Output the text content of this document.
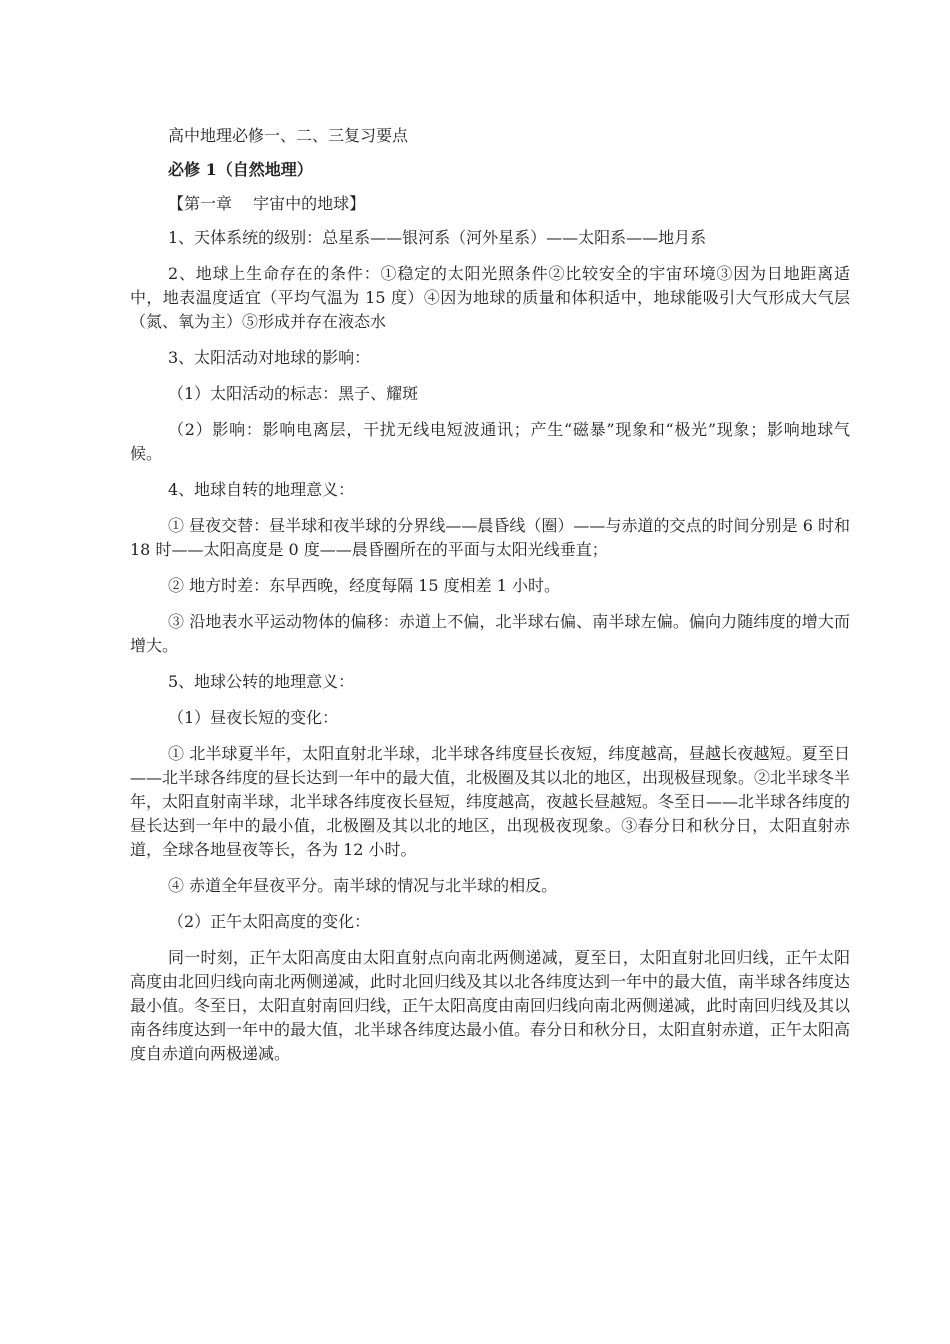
高中地理必修一、二、三复习要点

必修 1（自然地理）

【第一章　 宇宙中的地球】

1、天体系统的级别：总星系——银河系（河外星系）——太阳系——地月系

2、地球上生命存在的条件：①稳定的太阳光照条件②比较安全的宇宙环境③因为日地距离适中，地表温度适宜（平均气温为 15 度）④因为地球的质量和体积适中，地球能吸引大气形成大气层（氮、氧为主）⑤形成并存在液态水

3、太阳活动对地球的影响：

（1）太阳活动的标志：黑子、耀斑

（2）影响：影响电离层，干扰无线电短波通讯；产生“磁暴”现象和“极光”现象；影响地球气候。

4、地球自转的地理意义：

① 昼夜交替：昼半球和夜半球的分界线——晨昏线（圈）——与赤道的交点的时间分别是 6 时和 18 时——太阳高度是 0 度——晨昏圈所在的平面与太阳光线垂直；

② 地方时差：东早西晚，经度每隔 15 度相差 1 小时。

③ 沿地表水平运动物体的偏移：赤道上不偏，北半球右偏、南半球左偏。偏向力随纬度的增大而增大。

5、地球公转的地理意义：

（1）昼夜长短的变化：

① 北半球夏半年，太阳直射北半球，北半球各纬度昼长夜短，纬度越高，昼越长夜越短。夏至日——北半球各纬度的昼长达到一年中的最大值，北极圈及其以北的地区，出现极昼现象。②北半球冬半年，太阳直射南半球，北半球各纬度夜长昼短，纬度越高，夜越长昼越短。冬至日——北半球各纬度的昼长达到一年中的最小值，北极圈及其以北的地区，出现极夜现象。③春分日和秋分日，太阳直射赤道，全球各地昼夜等长，各为 12 小时。

④ 赤道全年昼夜平分。南半球的情况与北半球的相反。

（2）正午太阳高度的变化：

同一时刻，正午太阳高度由太阳直射点向南北两侧递减，夏至日，太阳直射北回归线，正午太阳高度由北回归线向南北两侧递减，此时北回归线及其以北各纬度达到一年中的最大值，南半球各纬度达最小值。冬至日，太阳直射南回归线，正午太阳高度由南回归线向南北两侧递减，此时南回归线及其以南各纬度达到一年中的最大值，北半球各纬度达最小值。春分日和秋分日，太阳直射赤道，正午太阳高度自赤道向两极递减。
